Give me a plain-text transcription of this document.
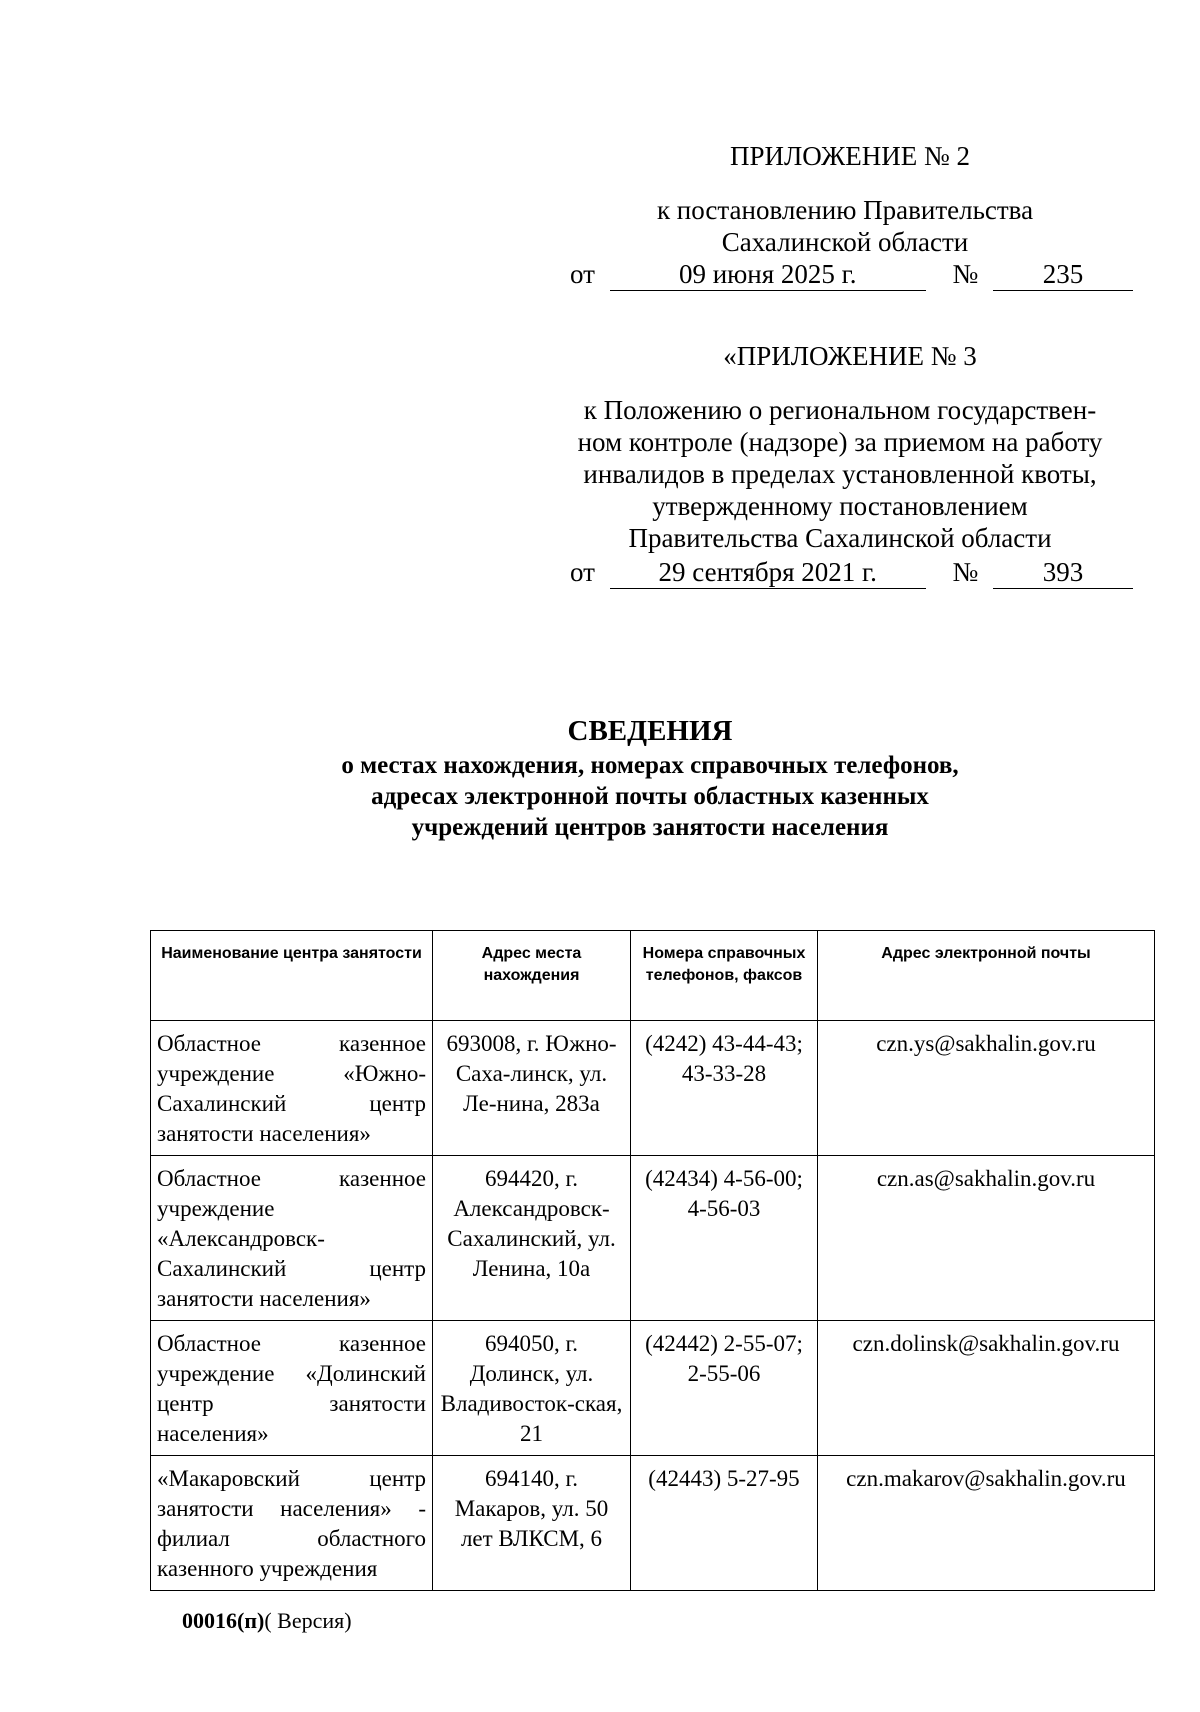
ПРИЛОЖЕНИЕ № 2
к постановлению Правительства
Сахалинской области
от	09 июня 2025 г.	№ 235
«ПРИЛОЖЕНИЕ № 3
к Положению о региональном государствен-
ном контроле (надзоре) за приемом на работу
инвалидов в пределах установленной квоты,
утвержденному постановлением
Правительства Сахалинской области
от 29 сентября 2021 г.	№ 393
СВЕДЕНИЯ
о местах нахождения, номерах справочных телефонов,
адресах электронной почты областных казенных
учреждений центров занятости населения
Наименование центра занятости	Адрес места нахождения	Номера справочных телефонов, факсов	Адрес электронной почты
Областное казенное учреждение «Южно-Сахалинский центр занятости населения»	693008, г. Южно-Саха-линск, ул. Ле-нина, 283а	(4242) 43-44-43; 43-33-28	czn.ys@sakhalin.gov.ru
Областное казенное учреждение «Александровск-Сахалинский центр занятости населения»	694420, г. Александровск-Сахалинский, ул. Ленина, 10а	(42434) 4-56-00; 4-56-03	czn.as@sakhalin.gov.ru
Областное казенное учреждение «Долинский центр занятости населения»	694050, г. Долинск, ул. Владивосток-ская, 21	(42442) 2-55-07; 2-55-06	czn.dolinsk@sakhalin.gov.ru
«Макаровский центр занятости населения» - филиал областного казенного учреждения	694140, г. Макаров, ул. 50 лет ВЛКСМ, 6	(42443) 5-27-95	czn.makarov@sakhalin.gov.ru
00016(п)( Версия)
